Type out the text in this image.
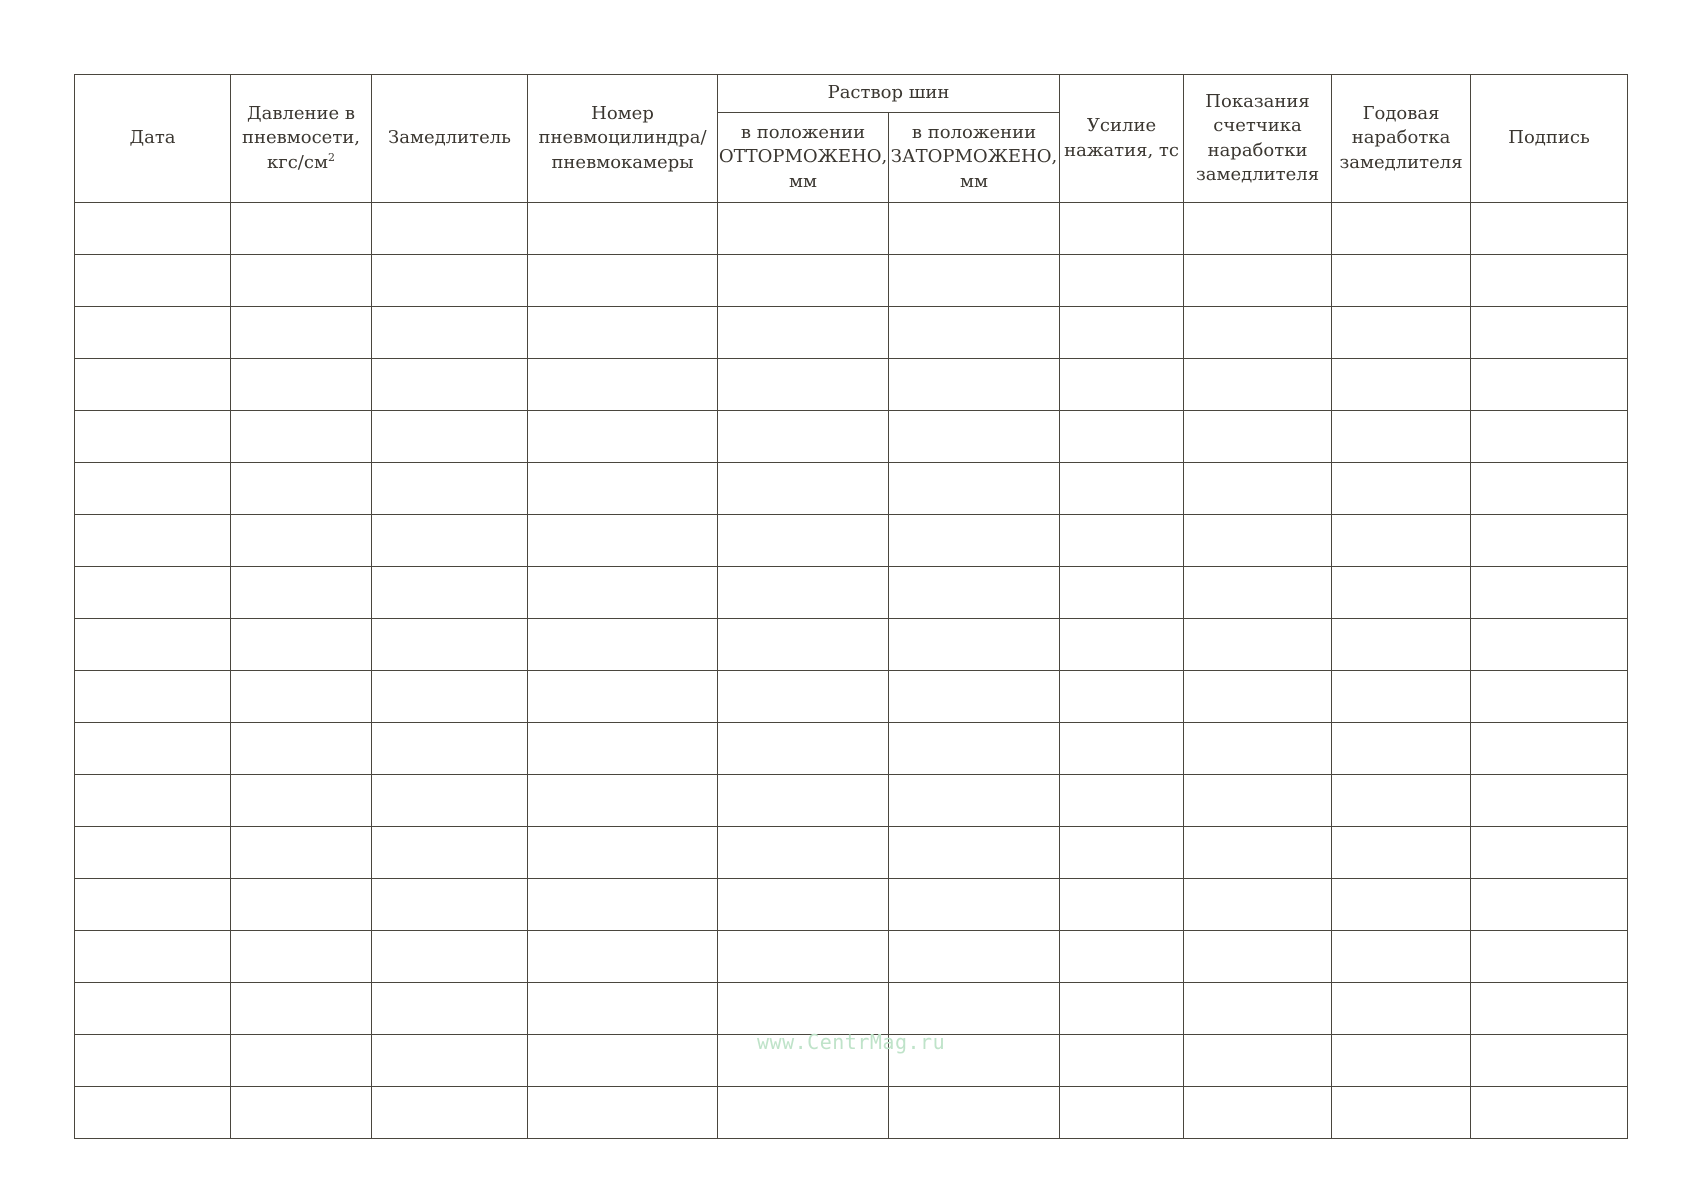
Дата	Давление в
пневмосети,
кгс/$см^2$	Замедлитель	Номер
пневмоцилиндра/
пневмокамеры	Раствор шин		Усилие
нажатия, тс	Показания
счетчика
наработки
замедлителя	Годовая
наработка
замедлителя	Подпись

				в положении
ОТТОРМОЖЕНО,
мм	в положении
ЗАТОРМОЖЕНО,
мм				

www.CentrMag.ru
